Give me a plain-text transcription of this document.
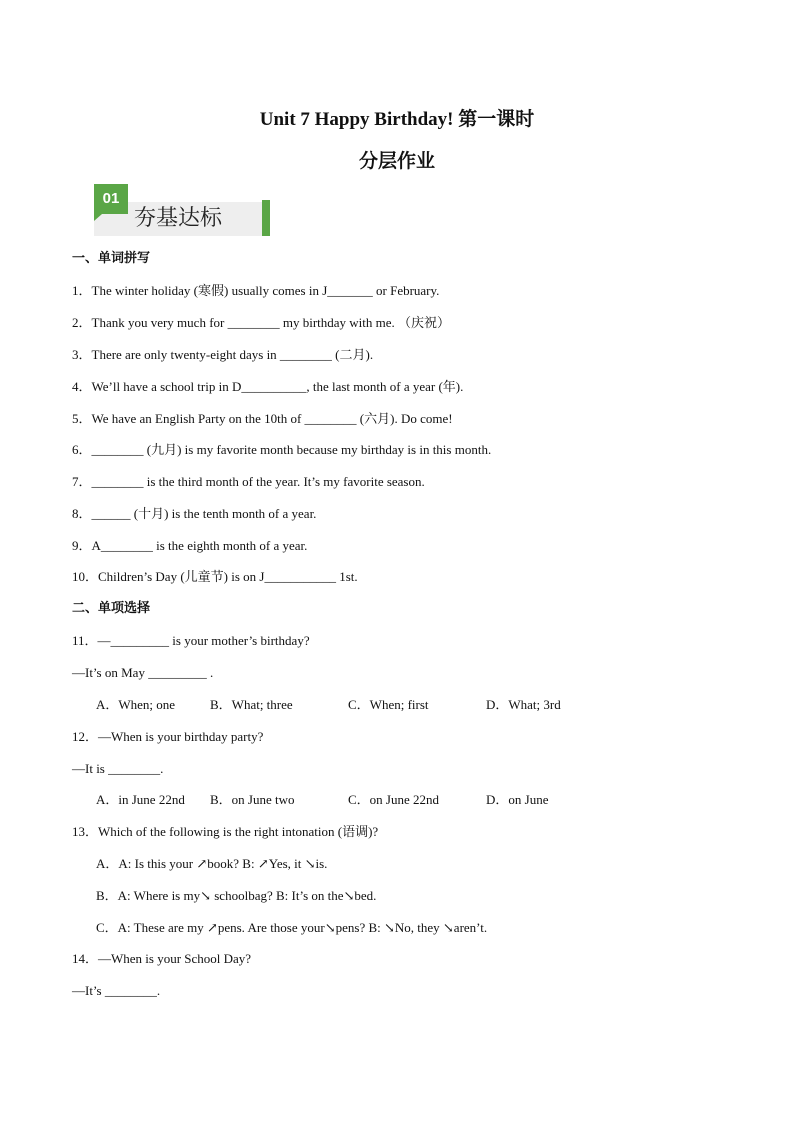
Unit 7 Happy Birthday! 第一课时
分层作业
01
夯基达标
一、单词拼写
1．The winter holiday (寒假) usually comes in J_______ or February.
2．Thank you very much for ________ my birthday with me. （庆祝）
3．There are only twenty-eight days in ________ (二月).
4．We’ll have a school trip in D__________, the last month of a year (年).
5．We have an English Party on the 10th of ________ (六月). Do come!
6．________ (九月) is my favorite month because my birthday is in this month.
7．________ is the third month of the year. It’s my favorite season.
8．______ (十月) is the tenth month of a year.
9．A________ is the eighth month of a year.
10．Children’s Day (儿童节) is on J___________ 1st.
二、单项选择
11．—_________ is your mother’s birthday?
—It’s on May _________ .
A．When; one	B．What; three	C．When; first	D．What; 3rd
12．—When is your birthday party?
—It is ________.
A．in June 22nd B．on June two	C．on June 22nd	D．on June
13．Which of the following is the right intonation (语调)?
A．A: Is this your ↗book? B: ↗Yes, it ↘is.
B．A: Where is my↘ schoolbag? B: It’s on the↘bed.
C．A: These are my ↗pens. Are those your↘pens? B: ↘No, they ↘aren’t.
14．—When is your School Day?
—It’s ________.
